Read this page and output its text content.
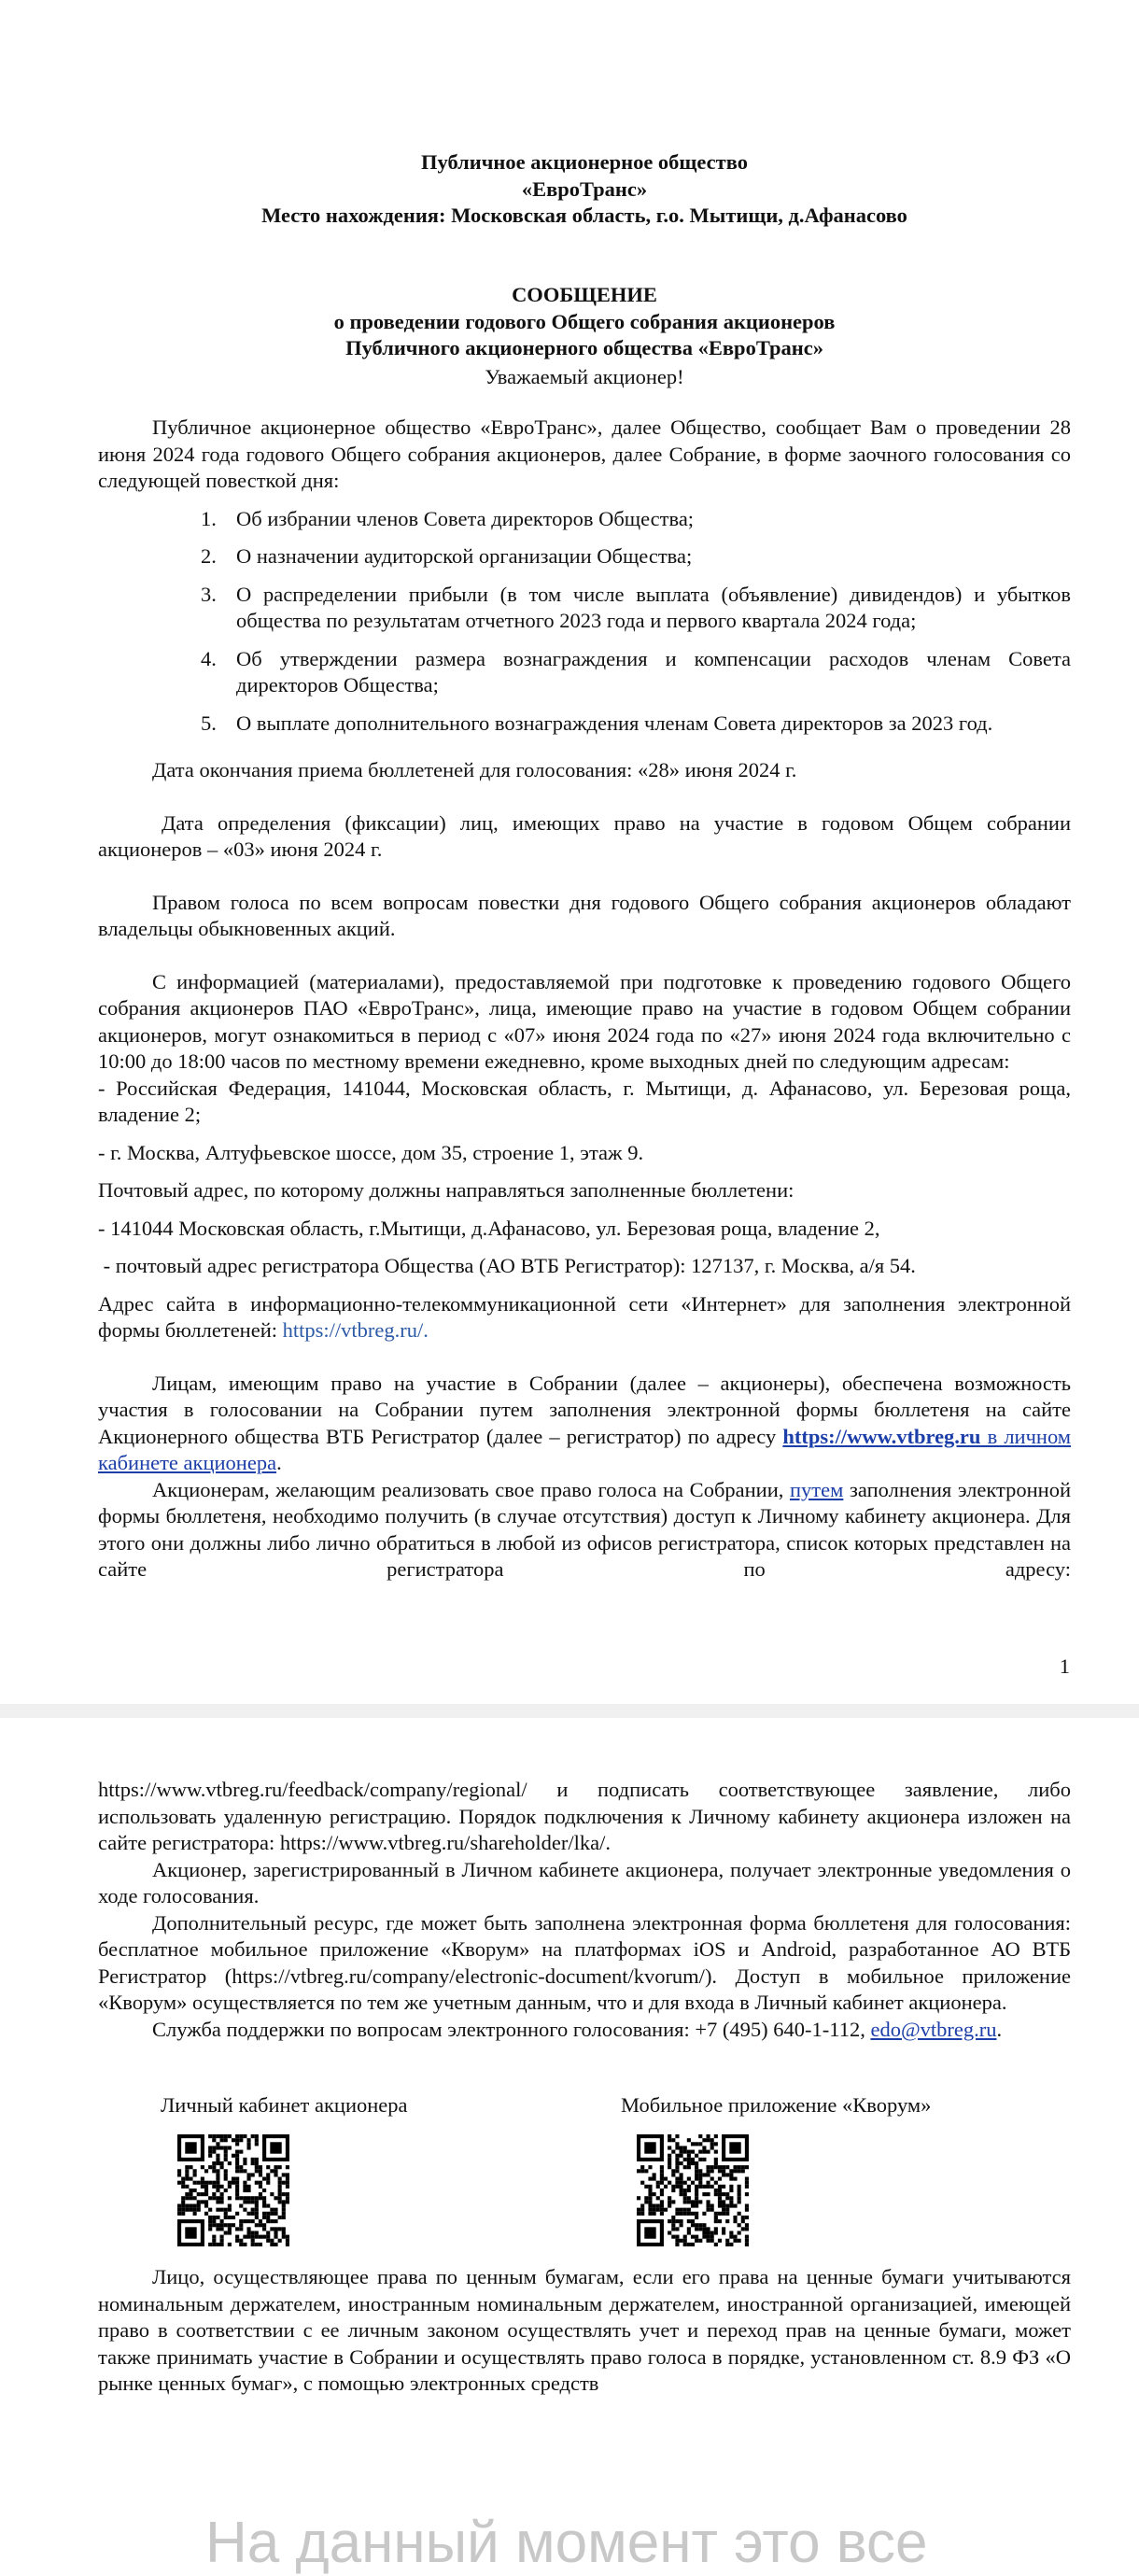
Публичное акционерное общество
«ЕвроТранс»
Место нахождения: Московская область, г.о. Мытищи, д.Афанасово
СООБЩЕНИЕ
о проведении годового Общего собрания акционеров
Публичного акционерного общества «ЕвроТранс»
Уважаемый акционер!

Публичное акционерное общество «ЕвроТранс», далее Общество, сообщает Вам о проведении 28 июня 2024 года годового Общего собрания акционеров, далее Собрание, в форме заочного голосования со следующей повесткой дня:

1. Об избрании членов Совета директоров Общества;
2. О назначении аудиторской организации Общества;
3. О распределении прибыли (в том числе выплата (объявление) дивидендов) и убытков общества по результатам отчетного 2023 года и первого квартала 2024 года;
4. Об утверждении размера вознаграждения и компенсации расходов членам Совета директоров Общества;
5. О выплате дополнительного вознаграждения членам Совета директоров за 2023 год.

Дата окончания приема бюллетеней для голосования: «28» июня 2024 г.

Дата определения (фиксации) лиц, имеющих право на участие в годовом Общем собрании акционеров – «03» июня 2024 г.

Правом голоса по всем вопросам повестки дня годового Общего собрания акционеров обладают владельцы обыкновенных акций.

С информацией (материалами), предоставляемой при подготовке к проведению годового Общего собрания акционеров ПАО «ЕвроТранс», лица, имеющие право на участие в годовом Общем собрании акционеров, могут ознакомиться в период с «07» июня 2024 года по «27» июня 2024 года включительно с 10:00 до 18:00 часов по местному времени ежедневно, кроме выходных дней по следующим адресам:

- Российская Федерация, 141044, Московская область, г. Мытищи, д. Афанасово, ул. Березовая роща, владение 2;

- г. Москва, Алтуфьевское шоссе, дом 35, строение 1, этаж 9.

Почтовый адрес, по которому должны направляться заполненные бюллетени:

- 141044 Московская область, г.Мытищи, д.Афанасово, ул. Березовая роща, владение 2,

- почтовый адрес регистратора Общества (АО ВТБ Регистратор): 127137, г. Москва, а/я 54.

Адрес сайта в информационно-телекоммуникационной сети «Интернет» для заполнения электронной формы бюллетеней: https://vtbreg.ru/.

Лицам, имеющим право на участие в Собрании (далее – акционеры), обеспечена возможность участия в голосовании на Собрании путем заполнения электронной формы бюллетеня на сайте Акционерного общества ВТБ Регистратор (далее – регистратор) по адресу https://www.vtbreg.ru в личном кабинете акционера.

Акционерам, желающим реализовать свое право голоса на Собрании, путем заполнения электронной формы бюллетеня, необходимо получить (в случае отсутствия) доступ к Личному кабинету акционера. Для этого они должны либо лично обратиться в любой из офисов регистратора, список которых представлен на сайте регистратора по адресу:

1

https://www.vtbreg.ru/feedback/company/regional/ и подписать соответствующее заявление, либо использовать удаленную регистрацию. Порядок подключения к Личному кабинету акционера изложен на сайте регистратора: https://www.vtbreg.ru/shareholder/lka/.

Акционер, зарегистрированный в Личном кабинете акционера, получает электронные уведомления о ходе голосования.

Дополнительный ресурс, где может быть заполнена электронная форма бюллетеня для голосования: бесплатное мобильное приложение «Кворум» на платформах iOS и Android, разработанное АО ВТБ Регистратор (https://vtbreg.ru/company/electronic-document/kvorum/). Доступ в мобильное приложение «Кворум» осуществляется по тем же учетным данным, что и для входа в Личный кабинет акционера.

Служба поддержки по вопросам электронного голосования: +7 (495) 640-1-112, edo@vtbreg.ru.

Личный кабинет акционера	Мобильное приложение «Кворум»

Лицо, осуществляющее права по ценным бумагам, если его права на ценные бумаги учитываются номинальным держателем, иностранным номинальным держателем, иностранной организацией, имеющей право в соответствии с ее личным законом осуществлять учет и переход прав на ценные бумаги, может также принимать участие в Собрании и осуществлять право голоса в порядке, установленном ст. 8.9 ФЗ «О рынке ценных бумаг», с помощью электронных средств

На данный момент это все
